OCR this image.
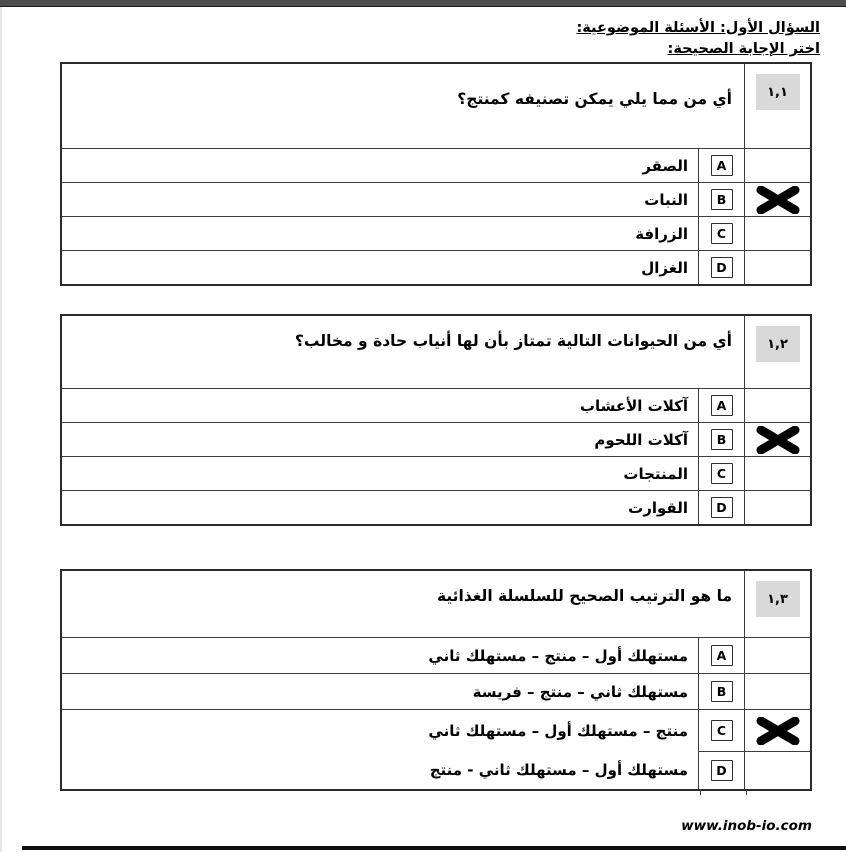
السؤال الأول: الأسئلة الموضوعية:
اختر الإجابة الصحيحة:
١,١
أي من مما يلي يمكن تصنيفه كمنتج؟
A
الصقر
B
النبات
C
الزرافة
D
الغزال
١,٢
أي من الحيوانات التالية تمتاز بأن لها أنياب حادة و مخالب؟
A
آكلات الأعشاب
B
آكلات اللحوم
C
المنتجات
D
القوارت
١,٣
ما هو الترتيب الصحيح للسلسلة الغذائية
A
مستهلك أول – منتج – مستهلك ثاني
B
مستهلك ثاني – منتج – فريسة
C
منتج – مستهلك أول – مستهلك ثاني
D
مستهلك أول – مستهلك ثاني - منتج
www.inob-io.com
